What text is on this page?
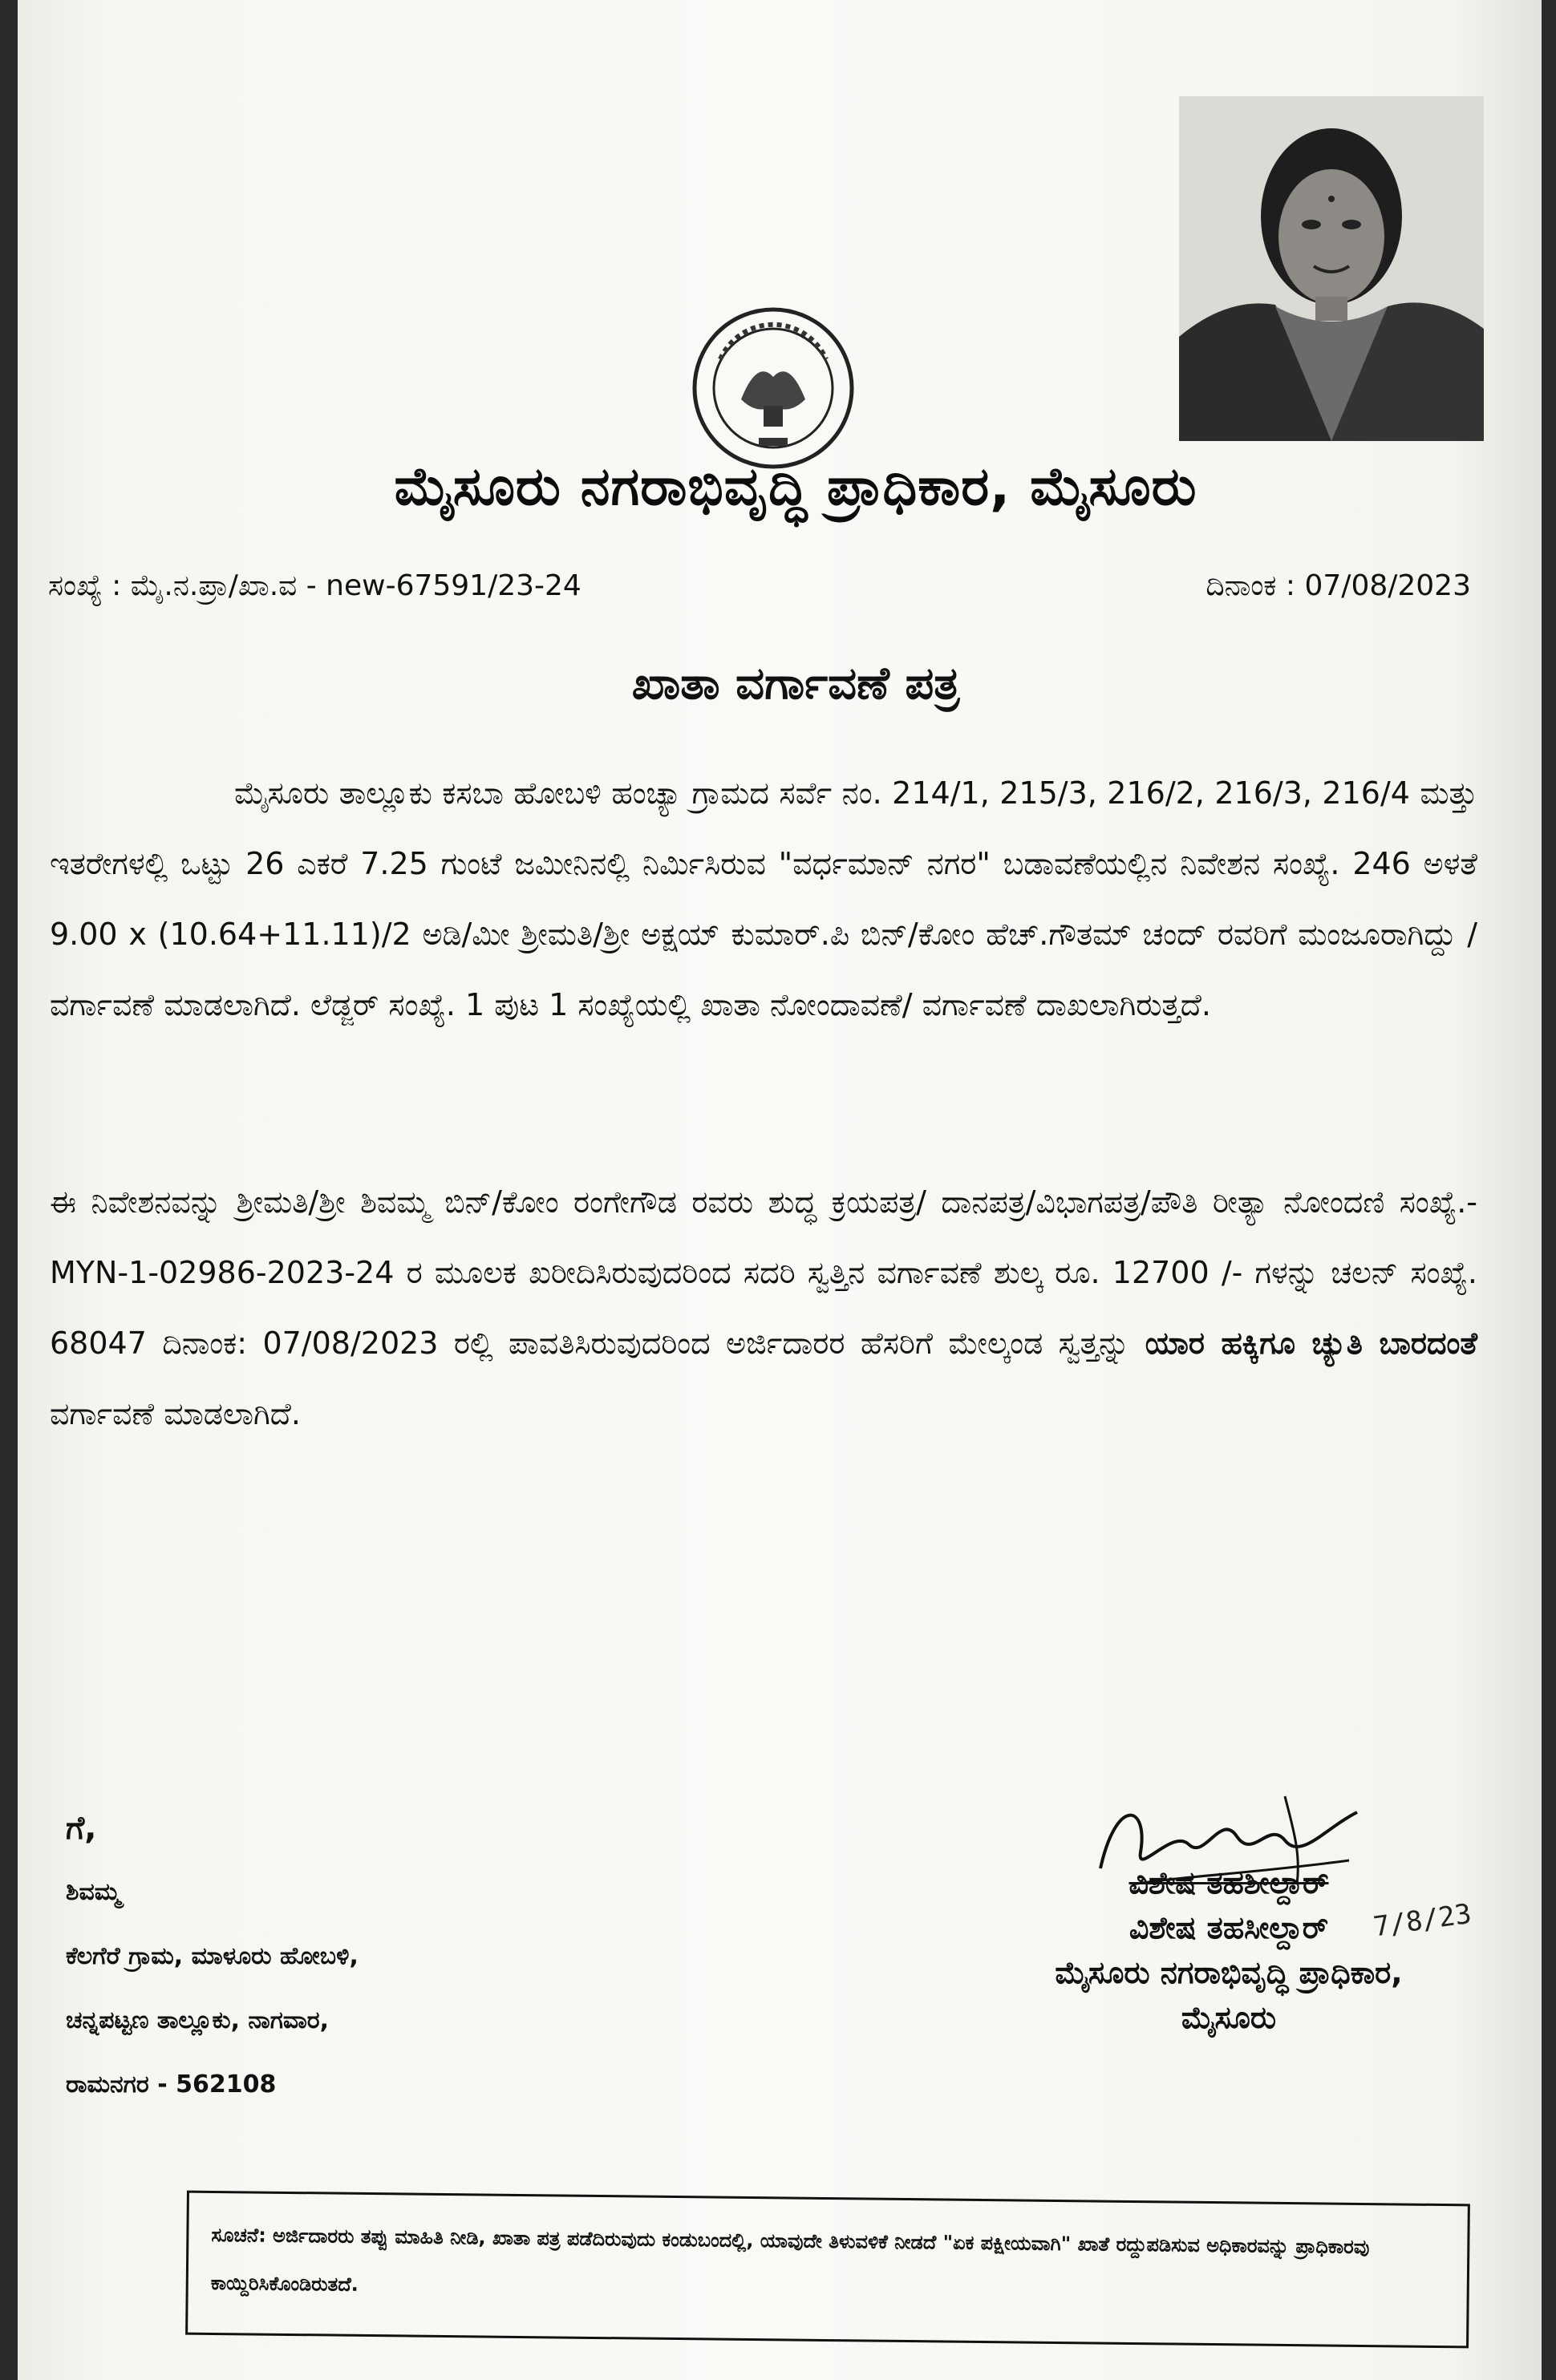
ಮೈಸೂರು ನಗರಾಭಿವೃದ್ಧಿ ಪ್ರಾಧಿಕಾರ, ಮೈಸೂರು
ಸಂಖ್ಯೆ : ಮೈ.ನ.ಪ್ರಾ/ಖಾ.ವ - new-67591/23-24	ದಿನಾಂಕ : 07/08/2023
ಖಾತಾ ವರ್ಗಾವಣೆ ಪತ್ರ
ಮೈಸೂರು ತಾಲ್ಲೂಕು ಕಸಬಾ ಹೋಬಳಿ ಹಂಚ್ಯಾ ಗ್ರಾಮದ ಸರ್ವೆ ನಂ. 214/1, 215/3, 216/2, 216/3, 216/4 ಮತ್ತು ಇತರೇಗಳಲ್ಲಿ ಒಟ್ಟು 26 ಎಕರೆ 7.25 ಗುಂಟೆ ಜಮೀನಿನಲ್ಲಿ ನಿರ್ಮಿಸಿರುವ "ವರ್ಧಮಾನ್ ನಗರ" ಬಡಾವಣೆಯಲ್ಲಿನ ನಿವೇಶನ ಸಂಖ್ಯೆ. 246 ಅಳತೆ 9.00 x (10.64+11.11)/2 ಅಡಿ/ಮೀ ಶ್ರೀಮತಿ/ಶ್ರೀ ಅಕ್ಷಯ್ ಕುಮಾರ್.ಪಿ ಬಿನ್/ಕೋಂ ಹೆಚ್.ಗೌತಮ್ ಚಂದ್ ರವರಿಗೆ ಮಂಜೂರಾಗಿದ್ದು / ವರ್ಗಾವಣೆ ಮಾಡಲಾಗಿದೆ. ಲೆಡ್ಜರ್ ಸಂಖ್ಯೆ. 1 ಪುಟ 1 ಸಂಖ್ಯೆಯಲ್ಲಿ ಖಾತಾ ನೋಂದಾವಣೆ/ ವರ್ಗಾವಣೆ ದಾಖಲಾಗಿರುತ್ತದೆ.
ಈ ನಿವೇಶನವನ್ನು ಶ್ರೀಮತಿ/ಶ್ರೀ ಶಿವಮ್ಮ ಬಿನ್/ಕೋಂ ರಂಗೇಗೌಡ ರವರು ಶುದ್ಧ ಕ್ರಯಪತ್ರ/ ದಾನಪತ್ರ/ವಿಭಾಗಪತ್ರ/ಪೌತಿ ರೀತ್ಯಾ ನೋಂದಣಿ ಸಂಖ್ಯೆ.- MYN-1-02986-2023-24 ರ ಮೂಲಕ ಖರೀದಿಸಿರುವುದರಿಂದ ಸದರಿ ಸ್ವತ್ತಿನ ವರ್ಗಾವಣೆ ಶುಲ್ಕ ರೂ. 12700 /- ಗಳನ್ನು ಚಲನ್ ಸಂಖ್ಯೆ. 68047 ದಿನಾಂಕ: 07/08/2023 ರಲ್ಲಿ ಪಾವತಿಸಿರುವುದರಿಂದ ಅರ್ಜಿದಾರರ ಹೆಸರಿಗೆ ಮೇಲ್ಕಂಡ ಸ್ವತ್ತನ್ನು ಯಾರ ಹಕ್ಕಿಗೂ ಚ್ಯುತಿ ಬಾರದಂತೆ ವರ್ಗಾವಣೆ ಮಾಡಲಾಗಿದೆ.
ಗೆ,
ಶಿವಮ್ಮ
ಕೆಲಗೆರೆ ಗ್ರಾಮ, ಮಾಳೂರು ಹೋಬಳಿ,
ಚನ್ನಪಟ್ಟಣ ತಾಲ್ಲೂಕು, ನಾಗವಾರ,
ರಾಮನಗರ - 562108
ವಿಶೇಷ ತಹಶೀಲ್ದಾರ್
ವಿಶೇಷ ತಹಸೀಲ್ದಾರ್
ಮೈಸೂರು ನಗರಾಭಿವೃದ್ಧಿ ಪ್ರಾಧಿಕಾರ,
ಮೈಸೂರು
7/8/23
ಸೂಚನೆ: ಅರ್ಜಿದಾರರು ತಪ್ಪು ಮಾಹಿತಿ ನೀಡಿ, ಖಾತಾ ಪತ್ರ ಪಡೆದಿರುವುದು ಕಂಡುಬಂದಲ್ಲಿ, ಯಾವುದೇ ತಿಳುವಳಿಕೆ ನೀಡದೆ "ಏಕ ಪಕ್ಷೀಯವಾಗಿ" ಖಾತೆ ರದ್ದುಪಡಿಸುವ ಅಧಿಕಾರವನ್ನು ಪ್ರಾಧಿಕಾರವು ಕಾಯ್ದಿರಿಸಿಕೊಂಡಿರುತದೆ.
